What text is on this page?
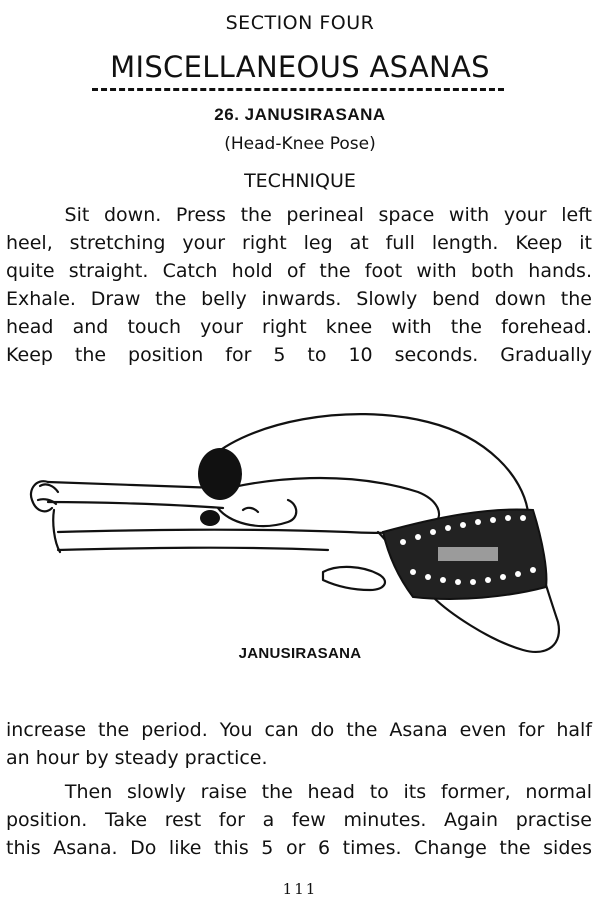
SECTION FOUR
MISCELLANEOUS ASANAS
26. JANUSIRASANA
(Head-Knee Pose)
TECHNIQUE
Sit down. Press the perineal space with your left
heel, stretching your right leg at full length. Keep it
quite straight. Catch hold of the foot with both hands.
Exhale. Draw the belly inwards. Slowly bend down the
head and touch your right knee with the forehead.
Keep the position for 5 to 10 seconds. Gradually
JANUSIRASANA
increase the period. You can do the Asana even for half
an hour by steady practice.
Then slowly raise the head to its former, normal
position. Take rest for a few minutes. Again practise
this Asana. Do like this 5 or 6 times. Change the sides
111
